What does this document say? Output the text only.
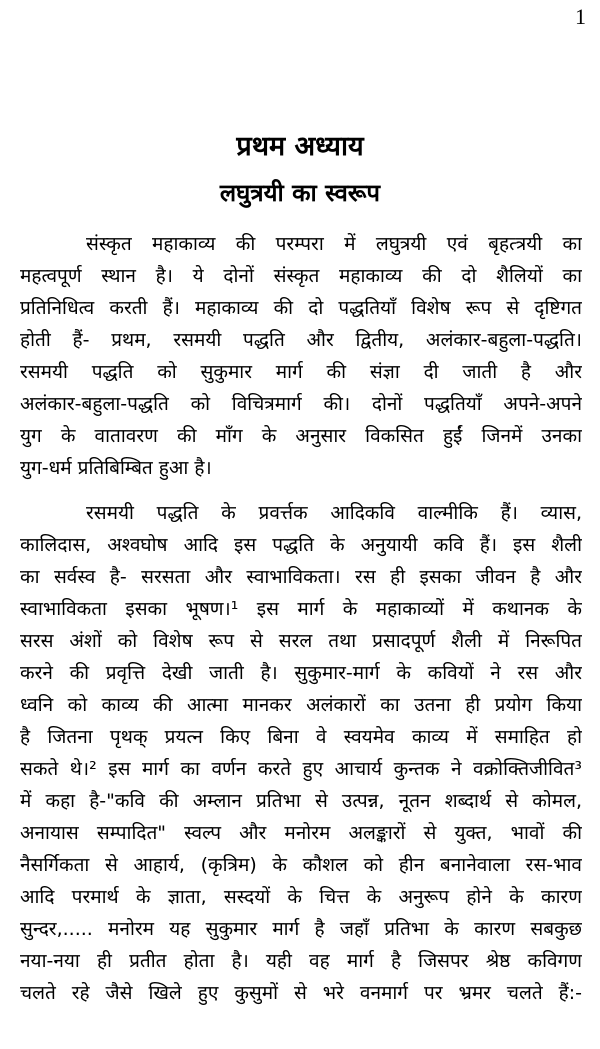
1
प्रथम अध्याय
लघुत्रयी का स्वरूप
संस्कृत महाकाव्य की परम्परा में लघुत्रयी एवं बृहत्त्रयी का
महत्वपूर्ण स्थान है। ये दोनों संस्कृत महाकाव्य की दो शैलियों का
प्रतिनिधित्व करती हैं। महाकाव्य की दो पद्धतियाँ विशेष रूप से दृष्टिगत
होती हैं- प्रथम, रसमयी पद्धति और द्वितीय, अलंकार-बहुला-पद्धति।
रसमयी पद्धति को सुकुमार मार्ग की संज्ञा दी जाती है और
अलंकार-बहुला-पद्धति को विचित्रमार्ग की। दोनों पद्धतियाँ अपने-अपने
युग के वातावरण की माँग के अनुसार विकसित हुईं जिनमें उनका
युग-धर्म प्रतिबिम्बित हुआ है।
रसमयी पद्धति के प्रवर्त्तक आदिकवि वाल्मीकि हैं। व्यास,
कालिदास, अश्वघोष आदि इस पद्धति के अनुयायी कवि हैं। इस शैली
का सर्वस्व है- सरसता और स्वाभाविकता। रस ही इसका जीवन है और
स्वाभाविकता इसका भूषण।¹ इस मार्ग के महाकाव्यों में कथानक के
सरस अंशों को विशेष रूप से सरल तथा प्रसादपूर्ण शैली में निरूपित
करने की प्रवृत्ति देखी जाती है। सुकुमार-मार्ग के कवियों ने रस और
ध्वनि को काव्य की आत्मा मानकर अलंकारों का उतना ही प्रयोग किया
है जितना पृथक् प्रयत्न किए बिना वे स्वयमेव काव्य में समाहित हो
सकते थे।² इस मार्ग का वर्णन करते हुए आचार्य कुन्तक ने वक्रोक्तिजीवित³
में कहा है-"कवि की अम्लान प्रतिभा से उत्पन्न, नूतन शब्दार्थ से कोमल,
अनायास सम्पादित" स्वल्प और मनोरम अलङ्कारों से युक्त, भावों की
नैसर्गिकता से आहार्य, (कृत्रिम) के कौशल को हीन बनानेवाला रस-भाव
आदि परमार्थ के ज्ञाता, सस्दयों के चित्त के अनुरूप होने के कारण
सुन्दर,..... मनोरम यह सुकुमार मार्ग है जहाँ प्रतिभा के कारण सबकुछ
नया-नया ही प्रतीत होता है। यही वह मार्ग है जिसपर श्रेष्ठ कविगण
चलते रहे जैसे खिले हुए कुसुमों से भरे वनमार्ग पर भ्रमर चलते हैं:-
